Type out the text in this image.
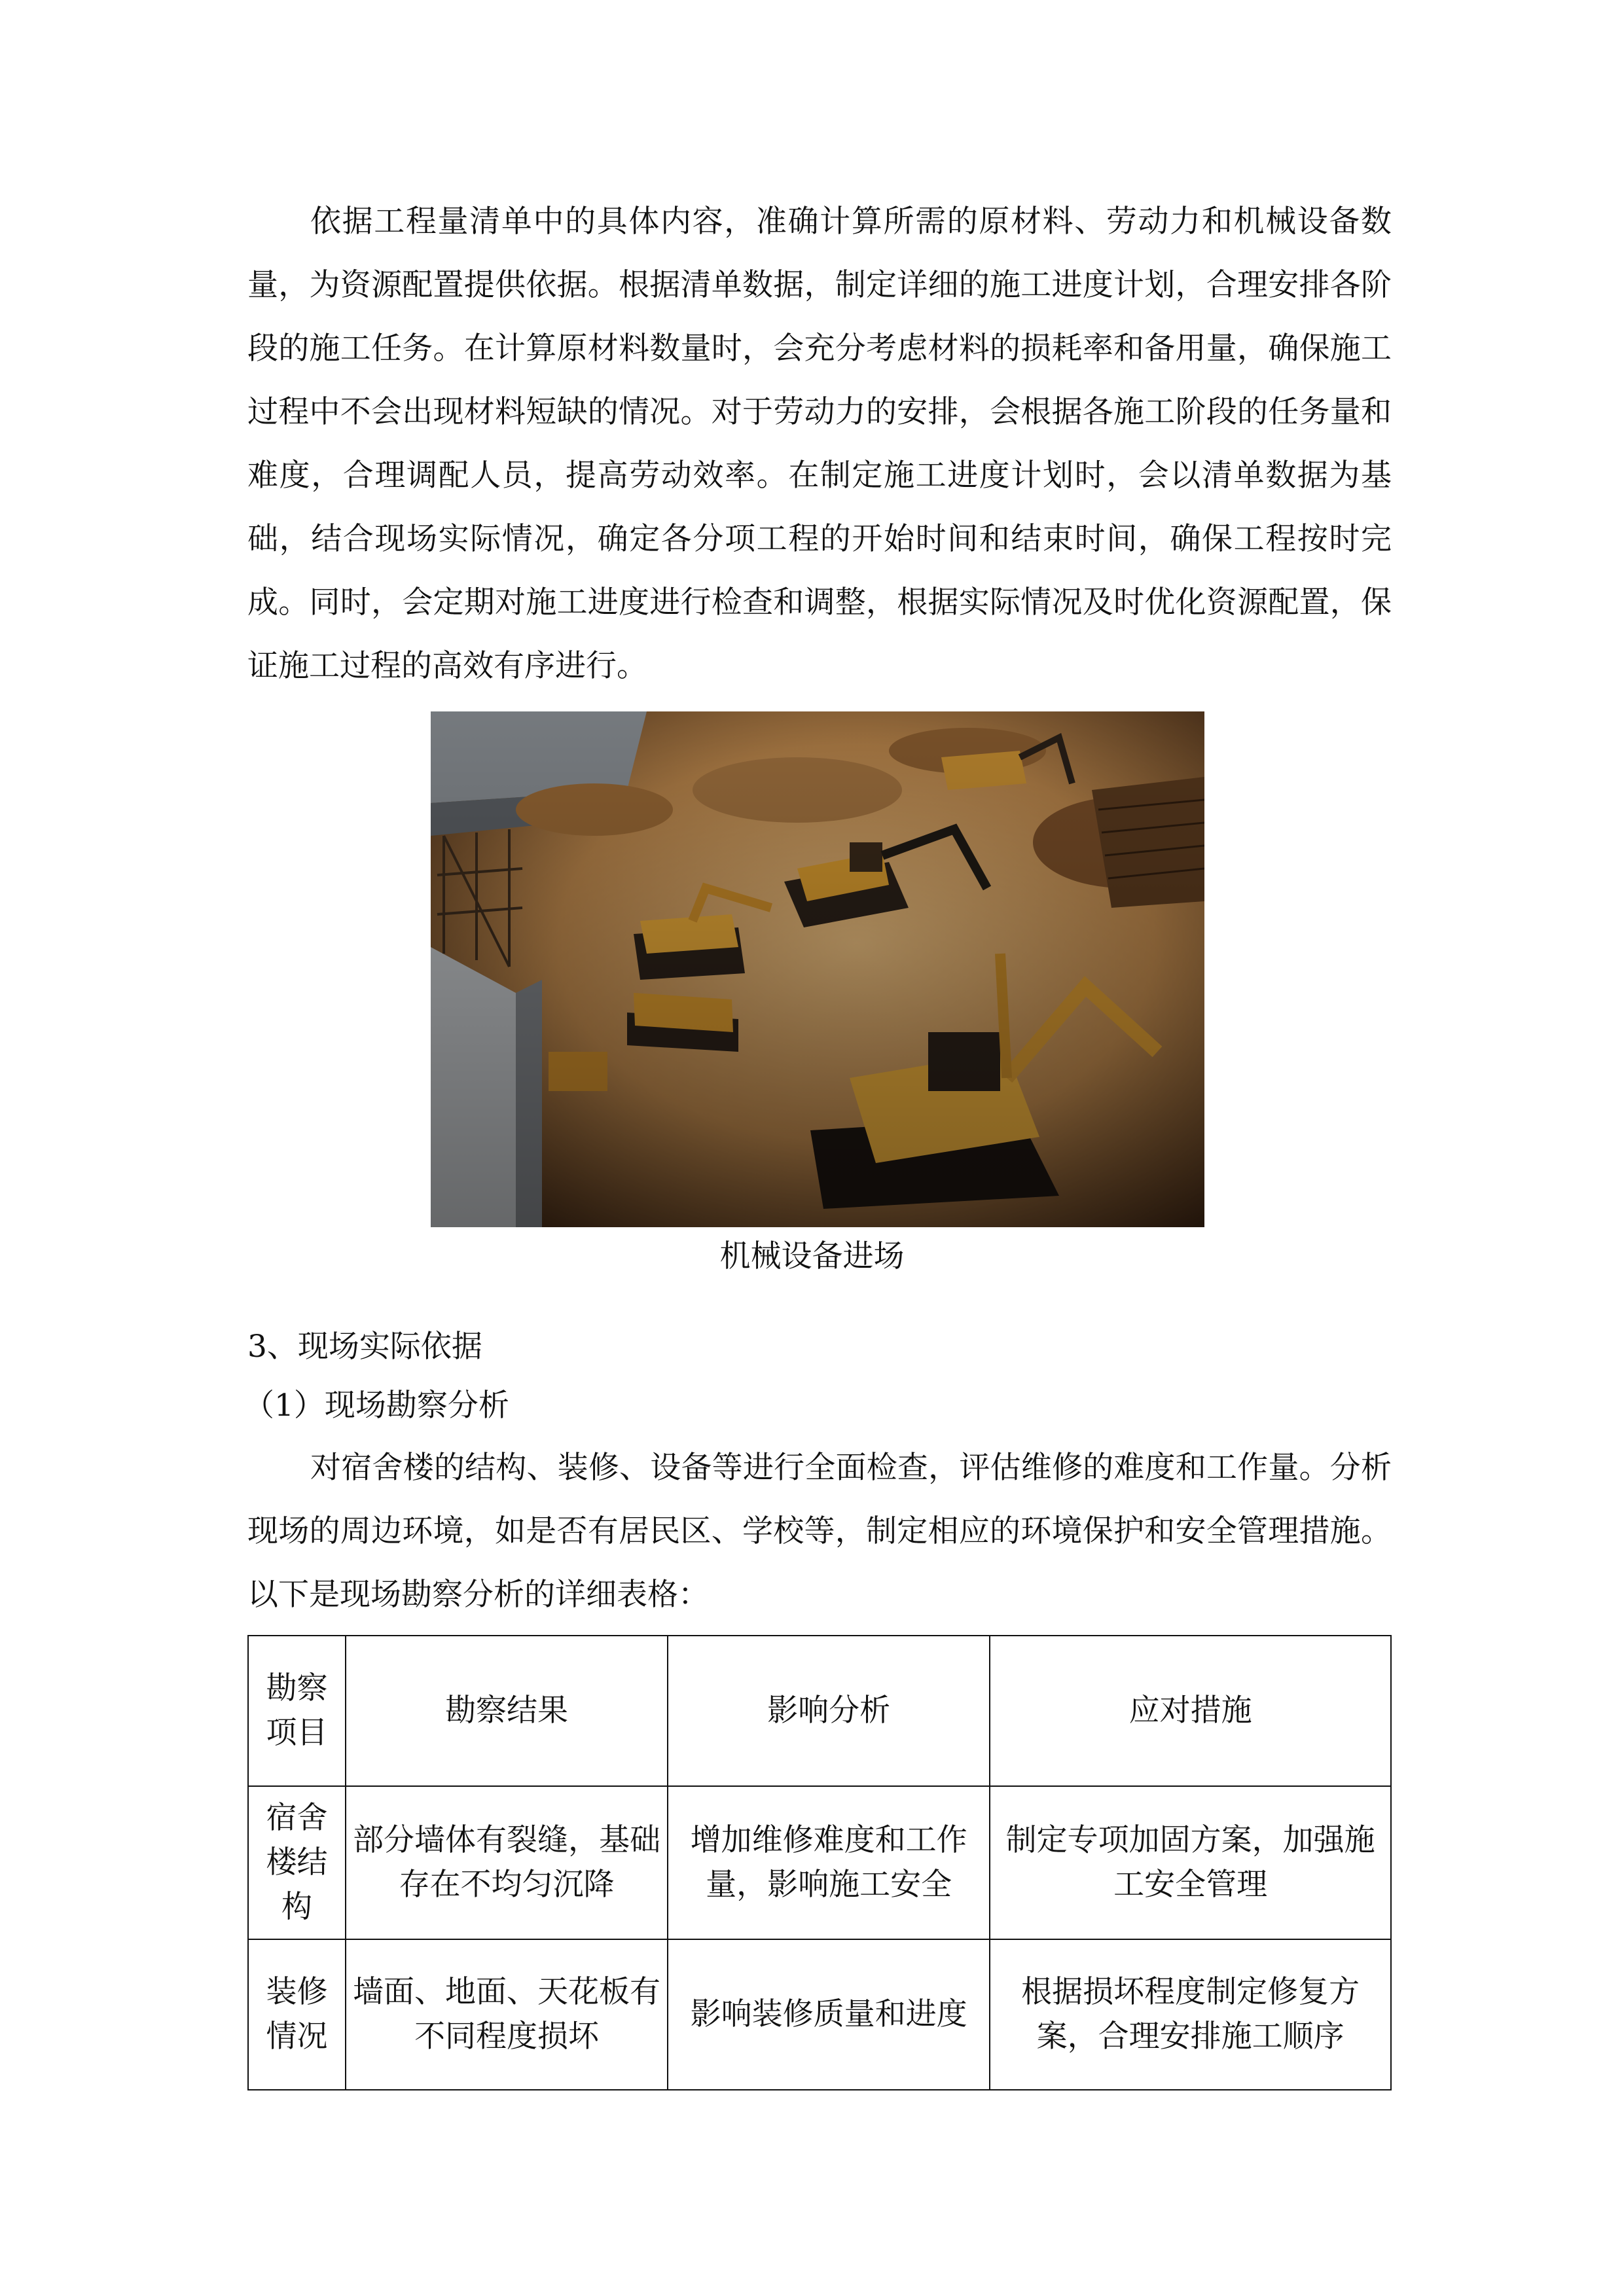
依据工程量清单中的具体内容，准确计算所需的原材料、劳动力和机械设备数量，为资源配置提供依据。根据清单数据，制定详细的施工进度计划，合理安排各阶段的施工任务。在计算原材料数量时，会充分考虑材料的损耗率和备用量，确保施工过程中不会出现材料短缺的情况。对于劳动力的安排，会根据各施工阶段的任务量和难度，合理调配人员，提高劳动效率。在制定施工进度计划时，会以清单数据为基础，结合现场实际情况，确定各分项工程的开始时间和结束时间，确保工程按时完成。同时，会定期对施工进度进行检查和调整，根据实际情况及时优化资源配置，保证施工过程的高效有序进行。

机械设备进场

3、现场实际依据

（1）现场勘察分析

对宿舍楼的结构、装修、设备等进行全面检查，评估维修的难度和工作量。分析现场的周边环境，如是否有居民区、学校等，制定相应的环境保护和安全管理措施。以下是现场勘察分析的详细表格：

勘察项目	勘察结果	影响分析	应对措施
宿舍楼结构	部分墙体有裂缝，基础存在不均匀沉降	增加维修难度和工作量，影响施工安全	制定专项加固方案，加强施工安全管理
装修情况	墙面、地面、天花板有不同程度损坏	影响装修质量和进度	根据损坏程度制定修复方案，合理安排施工顺序
